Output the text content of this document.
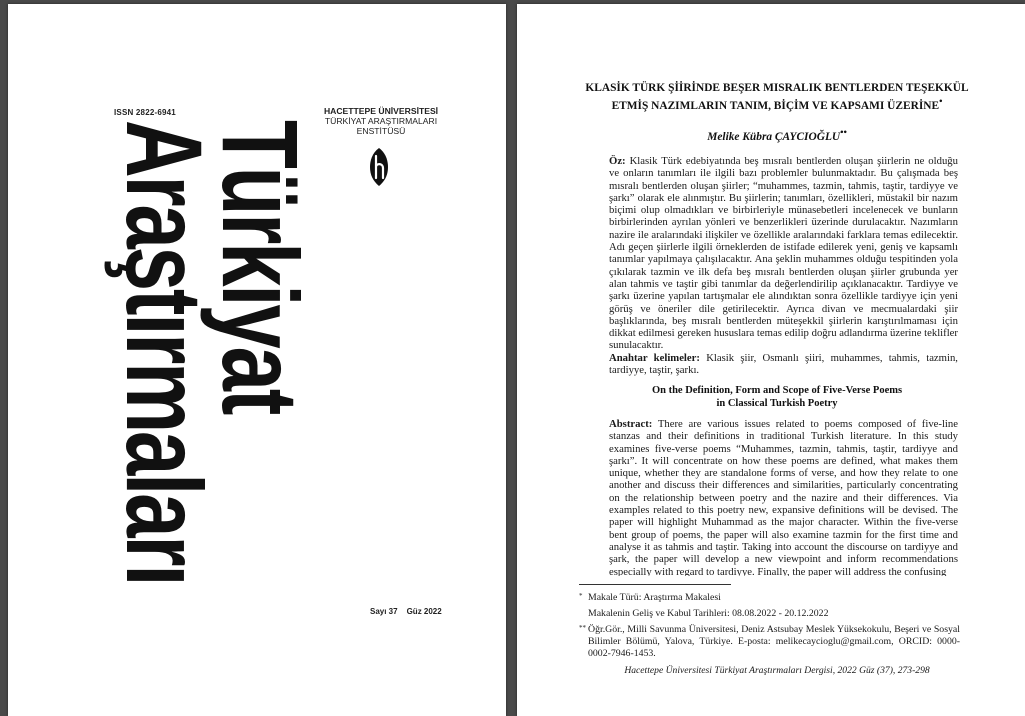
ISSN 2822-6941	HACETTEPE ÜNİVERSİTESİ
TÜRKİYAT ARAŞTIRMALARI
ENSTİTÜSÜ
Türkiyat
Araştırmaları
Sayı 37 Güz 2022
KLASİK TÜRK ŞİİRİNDE BEŞER MISRALIK BENTLERDEN TEŞEKKÜL ETMİŞ NAZIMLARIN TANIM, BİÇİM VE KAPSAMI ÜZERİNE•
Melike Kübra ÇAYCIOĞLU••
Öz: Klasik Türk edebiyatında beş mısralı bentlerden oluşan şiirlerin ne olduğu ve onların tanımları ile ilgili bazı problemler bulunmaktadır. Bu çalışmada beş mısralı bentlerden oluşan şiirler; “muhammes, tazmin, tahmis, taştir, tardiyye ve şarkı” olarak ele alınmıştır. Bu şiirlerin; tanımları, özellikleri, müstakil bir nazım biçimi olup olmadıkları ve birbirleriyle münasebetleri incelenecek ve bunların birbirlerinden ayrılan yönleri ve benzerlikleri üzerinde durulacaktır. Nazımların nazire ile aralarındaki ilişkiler ve özellikle aralarındaki farklara temas edilecektir. Adı geçen şiirlerle ilgili örneklerden de istifade edilerek yeni, geniş ve kapsamlı tanımlar yapılmaya çalışılacaktır. Ana şeklin muhammes olduğu tespitinden yola çıkılarak tazmin ve ilk defa beş mısralı bentlerden oluşan şiirler grubunda yer alan tahmis ve taştir gibi tanımlar da değerlendirilip açıklanacaktır. Tardiyye ve şarkı üzerine yapılan tartışmalar ele alındıktan sonra özellikle tardiyye için yeni görüş ve öneriler dile getirilecektir. Ayrıca divan ve mecmualardaki şiir başlıklarında, beş mısralı bentlerden müteşekkil şiirlerin karıştırılmaması için dikkat edilmesi gereken hususlara temas edilip doğru adlandırma üzerine teklifler sunulacaktır.
Anahtar kelimeler: Klasik şiir, Osmanlı şiiri, muhammes, tahmis, tazmin, tardiyye, taştir, şarkı.
On the Definition, Form and Scope of Five-Verse Poems
in Classical Turkish Poetry
Abstract: There are various issues related to poems composed of five-line stanzas and their definitions in traditional Turkish literature. In this study examines five-verse poems “Muhammes, tazmin, tahmis, taştir, tardiyye and şarkı”. It will concentrate on how these poems are defined, what makes them unique, whether they are standalone forms of verse, and how they relate to one another and discuss their differences and similarities, particularly concentrating on the relationship between poetry and the nazire and their differences. Via examples related to this poetry new, expansive definitions will be devised. The paper will highlight Muhammad as the major character. Within the five-verse bent group of poems, the paper will also examine tazmin for the first time and analyse it as tahmis and taştir. Taking into account the discourse on tardiyye and şark, the paper will develop a new viewpoint and inform recommendations especially with regard to tardiyye. Finally, the paper will address the confusing
* Makale Türü: Araştırma Makalesi
Makalenin Geliş ve Kabul Tarihleri: 08.08.2022 - 20.12.2022
** Öğr.Gör., Milli Savunma Üniversitesi, Deniz Astsubay Meslek Yüksekokulu, Beşeri ve Sosyal Bilimler Bölümü, Yalova, Türkiye. E-posta: melikecaycioglu@gmail.com, ORCID: 0000-0002-7946-1453.
Hacettepe Üniversitesi Türkiyat Araştırmaları Dergisi, 2022 Güz (37), 273-298
